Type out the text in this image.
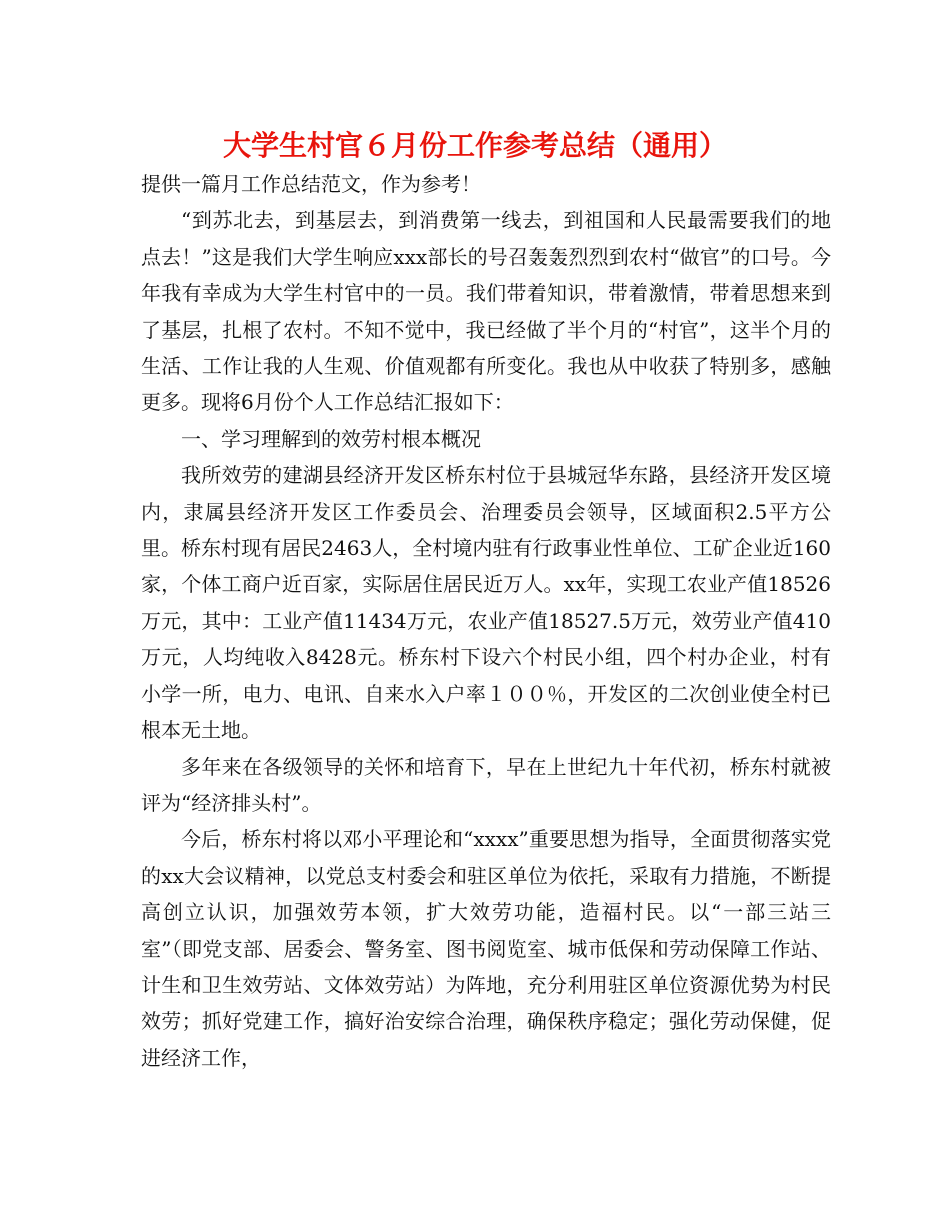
大学生村官６月份工作参考总结（通用）

提供一篇月工作总结范文，作为参考！

“到苏北去，到基层去，到消费第一线去，到祖国和人民最需要我们的地点去！”这是我们大学生响应xxx部长的号召轰轰烈烈到农村“做官”的口号。今年我有幸成为大学生村官中的一员。我们带着知识，带着激情，带着思想来到了基层，扎根了农村。不知不觉中，我已经做了半个月的“村官”，这半个月的生活、工作让我的人生观、价值观都有所变化。我也从中收获了特别多，感触更多。现将6月份个人工作总结汇报如下：

一、学习理解到的效劳村根本概况

我所效劳的建湖县经济开发区桥东村位于县城冠华东路，县经济开发区境内，隶属县经济开发区工作委员会、治理委员会领导，区域面积2.5平方公里。桥东村现有居民2463人，全村境内驻有行政事业性单位、工矿企业近160家，个体工商户近百家，实际居住居民近万人。xx年，实现工农业产值18526万元，其中：工业产值11434万元，农业产值18527.5万元，效劳业产值410万元，人均纯收入8428元。桥东村下设六个村民小组，四个村办企业，村有小学一所，电力、电讯、自来水入户率１００％，开发区的二次创业使全村已根本无土地。

多年来在各级领导的关怀和培育下，早在上世纪九十年代初，桥东村就被评为“经济排头村”。

今后，桥东村将以邓小平理论和“xxxx”重要思想为指导，全面贯彻落实党的xx大会议精神，以党总支村委会和驻区单位为依托，采取有力措施，不断提高创立认识，加强效劳本领，扩大效劳功能，造福村民。以“一部三站三室”（即党支部、居委会、警务室、图书阅览室、城市低保和劳动保障工作站、计生和卫生效劳站、文体效劳站）为阵地，充分利用驻区单位资源优势为村民效劳；抓好党建工作，搞好治安综合治理，确保秩序稳定；强化劳动保健，促进经济工作，
